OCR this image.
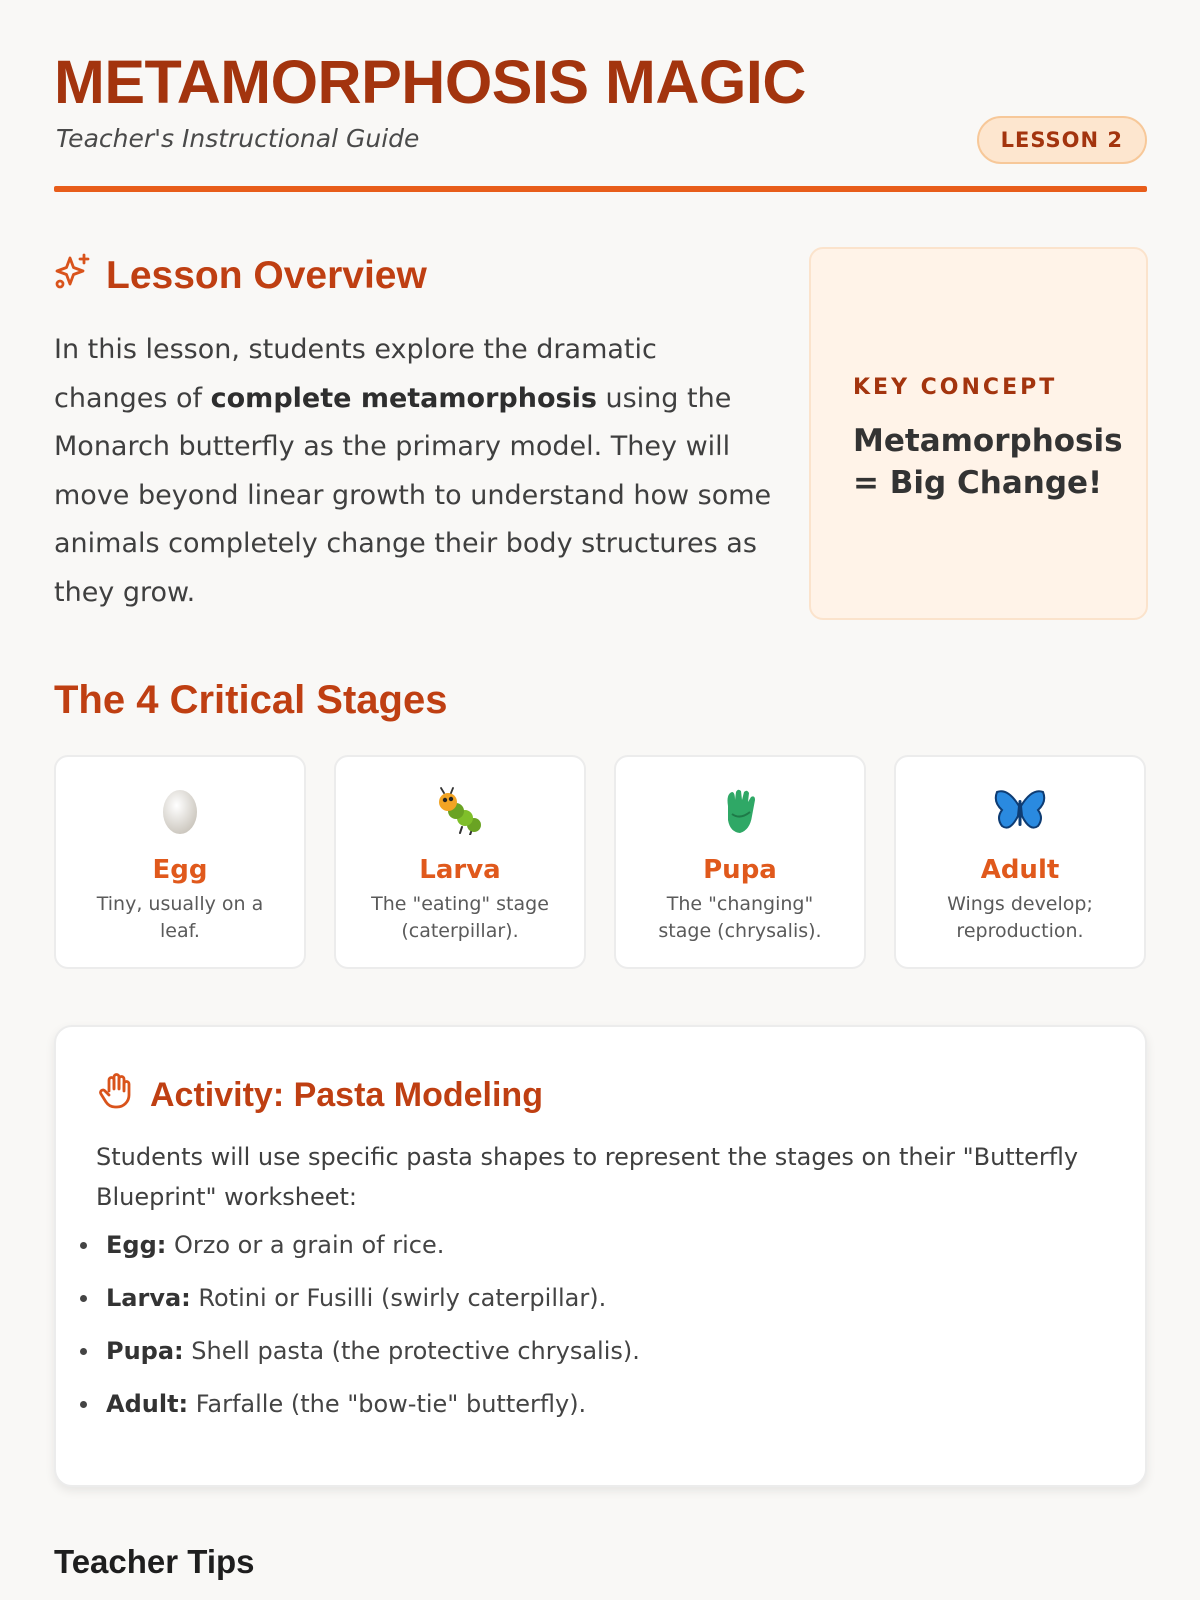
METAMORPHOSIS MAGIC
Teacher's Instructional Guide	LESSON 2
Lesson Overview

In this lesson, students explore the dramatic changes of complete metamorphosis using the Monarch butterfly as the primary model. They will move beyond linear growth to understand how some animals completely change their body structures as they grow.

KEY CONCEPT
Metamorphosis = Big Change!
The 4 Critical Stages
Egg
Tiny, usually on a leaf.
Larva
The "eating" stage (caterpillar).
Pupa
The "changing" stage (chrysalis).
Adult
Wings develop; reproduction.
Activity: Pasta Modeling

Students will use specific pasta shapes to represent the stages on their "Butterfly Blueprint" worksheet:

Egg: Orzo or a grain of rice.
Larva: Rotini or Fusilli (swirly caterpillar).
Pupa: Shell pasta (the protective chrysalis).
Adult: Farfalle (the "bow-tie" butterfly).
Teacher Tips
